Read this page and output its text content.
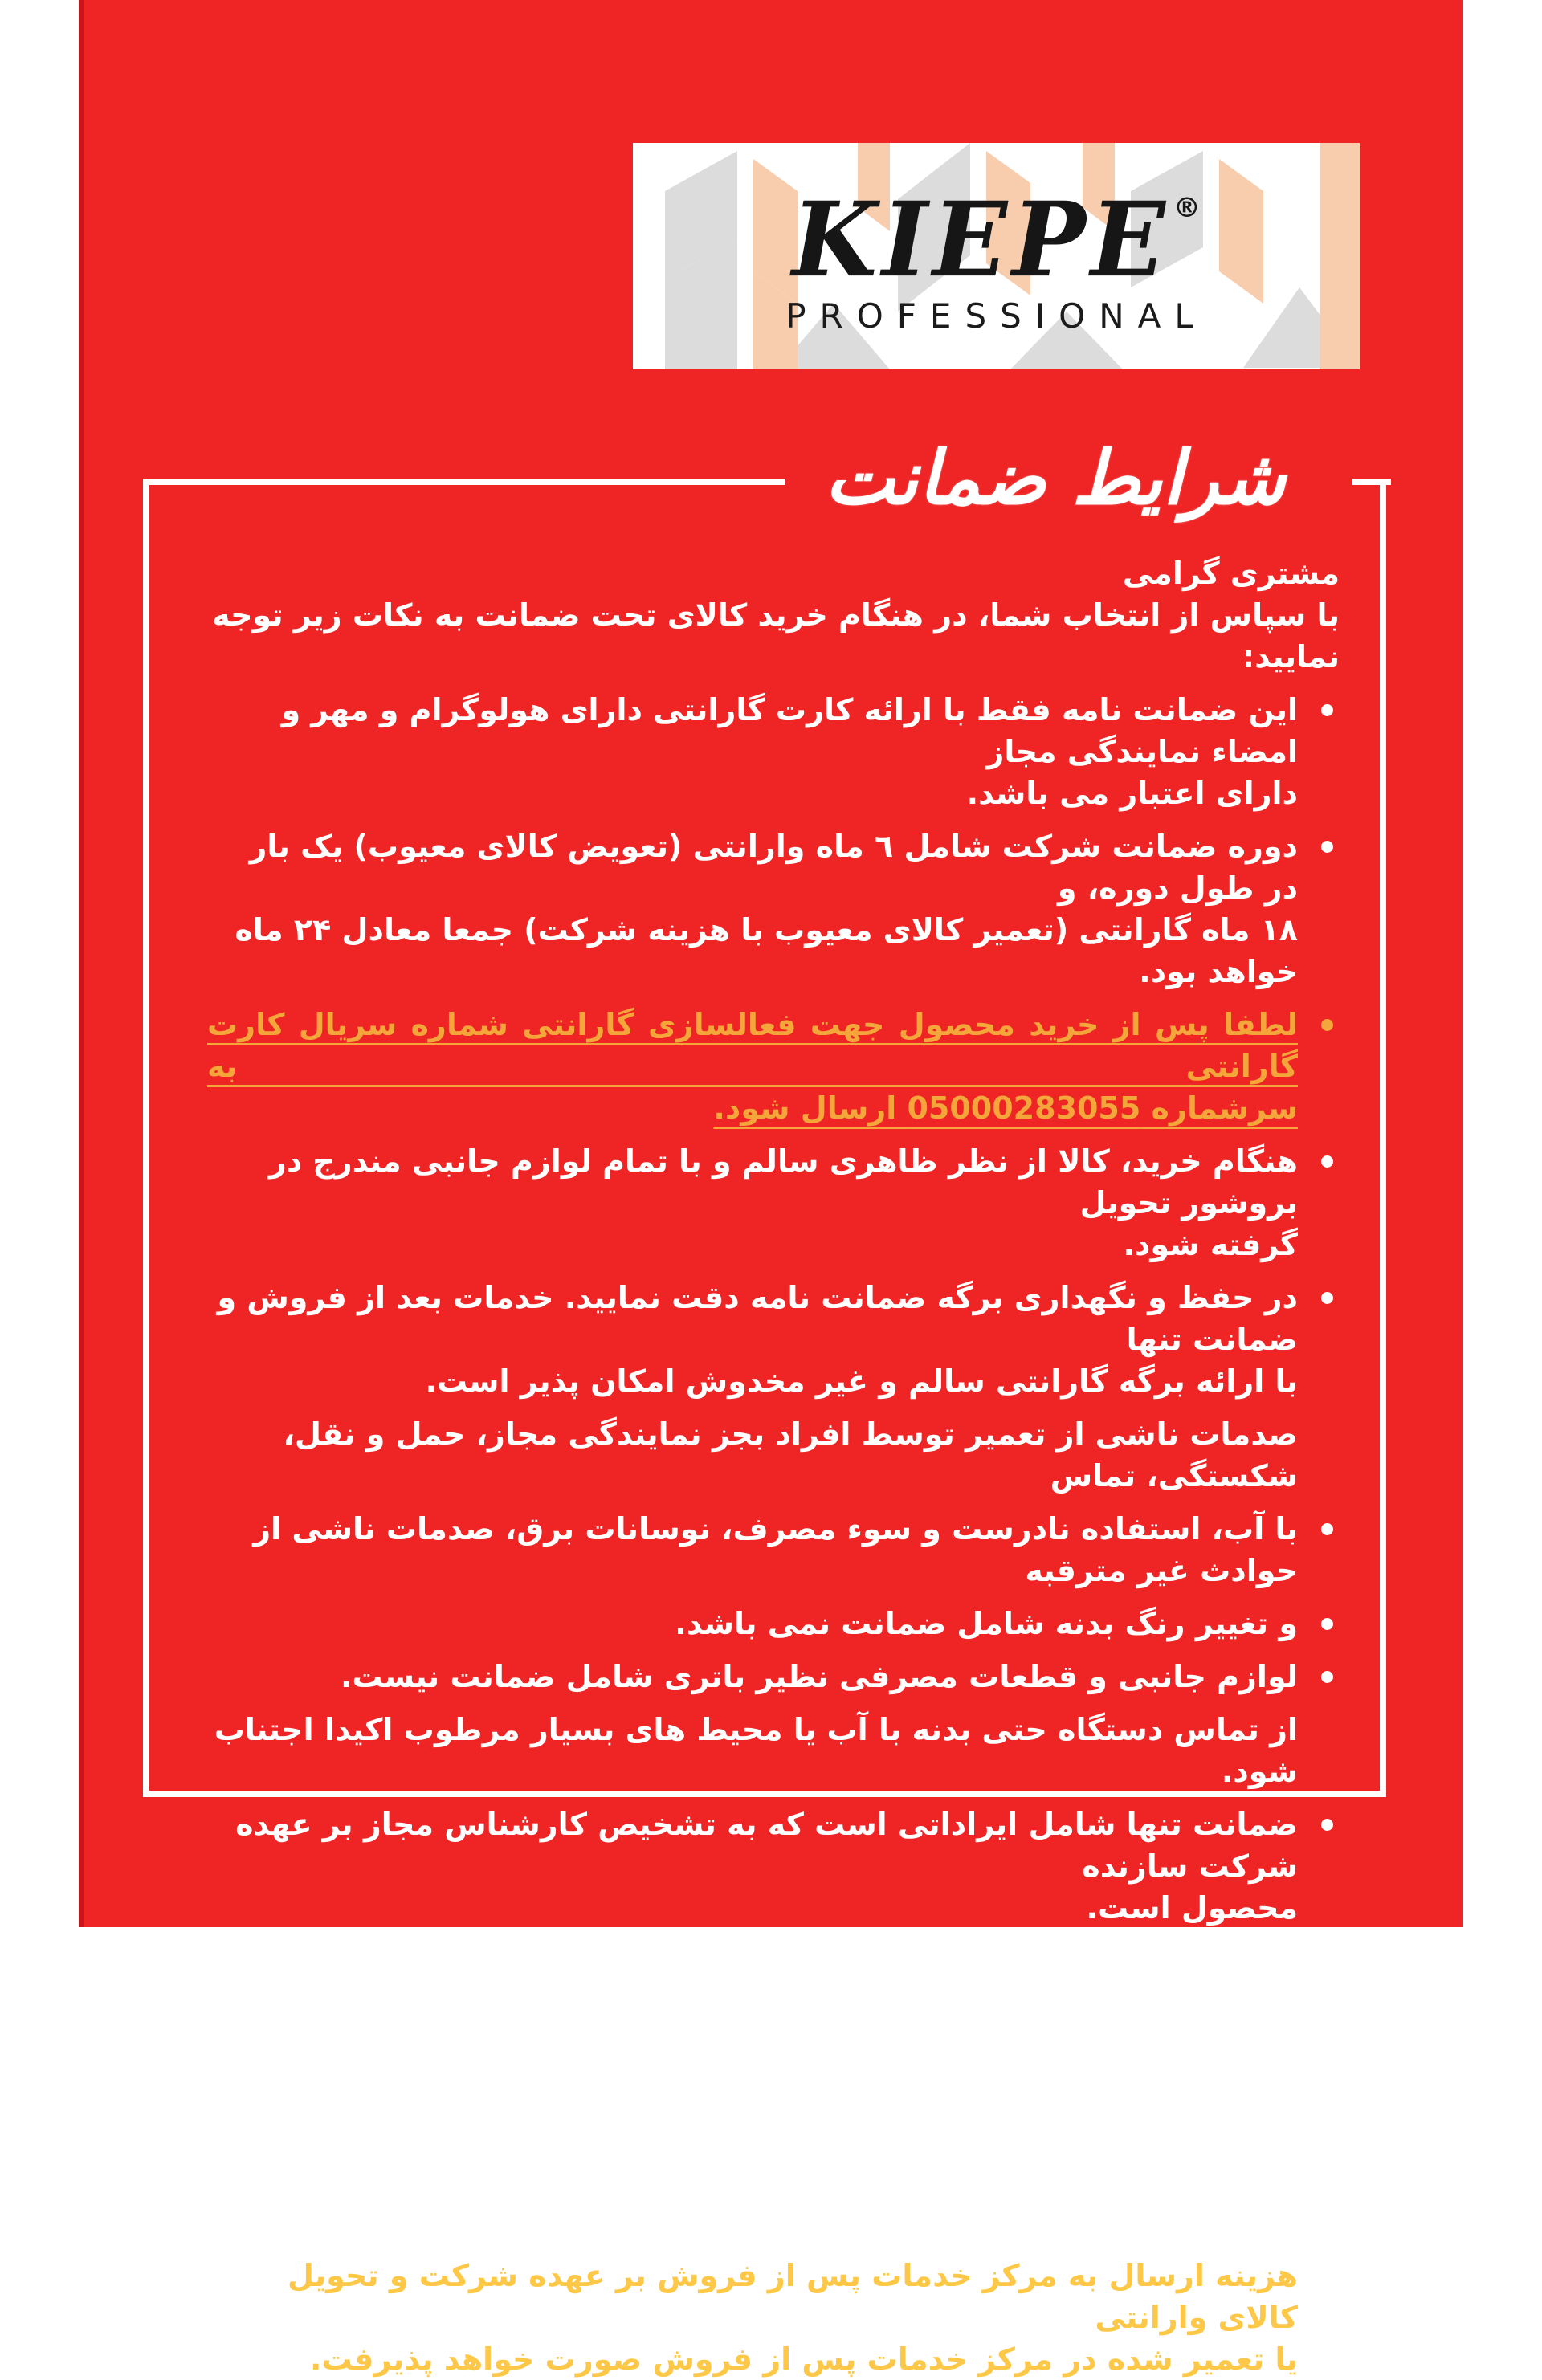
KIEPE ®
PROFESSIONAL
شرایط ضمانت
مشتری گرامی
با سپاس از انتخاب شما، در هنگام خرید کالای تحت ضمانت به نکات زیر توجه نمایید:
این ضمانت نامه فقط با ارائه کارت گارانتی دارای هولوگرام و مهر و امضاء نمایندگی مجاز
دارای اعتبار می باشد.
دوره ضمانت شرکت شامل ٦ ماه وارانتی (تعویض کالای معیوب) یک بار در طول دوره، و
۱۸ ماه گارانتی (تعمیر کالای معیوب با هزینه شرکت) جمعا معادل ۲۴ ماه خواهد بود.
لطفا پس از خرید محصول جهت فعالسازی گارانتی شماره سریال کارت گارانتی به
سرشماره 05000283055 ارسال شود.
هنگام خرید، کالا از نظر ظاهری سالم و با تمام لوازم جانبی مندرج در بروشور تحویل
گرفته شود.
در حفظ و نگهداری برگه ضمانت نامه دقت نمایید. خدمات بعد از فروش و ضمانت تنها
با ارائه برگه گارانتی سالم و غیر مخدوش امکان پذیر است.
صدمات ناشی از تعمیر توسط افراد بجز نمایندگی مجاز، حمل و نقل، شکستگی، تماس
با آب، استفاده نادرست و سوء مصرف، نوسانات برق، صدمات ناشی از حوادث غیر مترقبه
و تغییر رنگ بدنه شامل ضمانت نمی باشد.
لوازم جانبی و قطعات مصرفی نظیر باتری شامل ضمانت نیست.
از تماس دستگاه حتی بدنه با آب یا محیط های بسیار مرطوب اکیدا اجتناب شود.
ضمانت تنها شامل ایراداتی است که به تشخیص کارشناس مجاز بر عهده شرکت سازنده
محصول است.
برای کسب اطلاعات بیشتر در مورد محصول خریداری شده و شرایط ضمانت می توان به
سایت و تلفن های شرکت که در پایین برگه ذکر شده مراجعه نمود.
برای استفاده از خدمات در طول مدت ضمانت، دستگاه معیوب به همراه تاریخ فاکتور
خرید و ضمانت نامه معتبر مهر شده به مرکز خدمات پس از فروش ارسال گردد.
هزینه ارسال به مرکز خدمات پس از فروش بر عهده شرکت و تحویل کالای وارانتی
یا تعمیر شده در مرکز خدمات پس از فروش صورت خواهد پذیرفت.
